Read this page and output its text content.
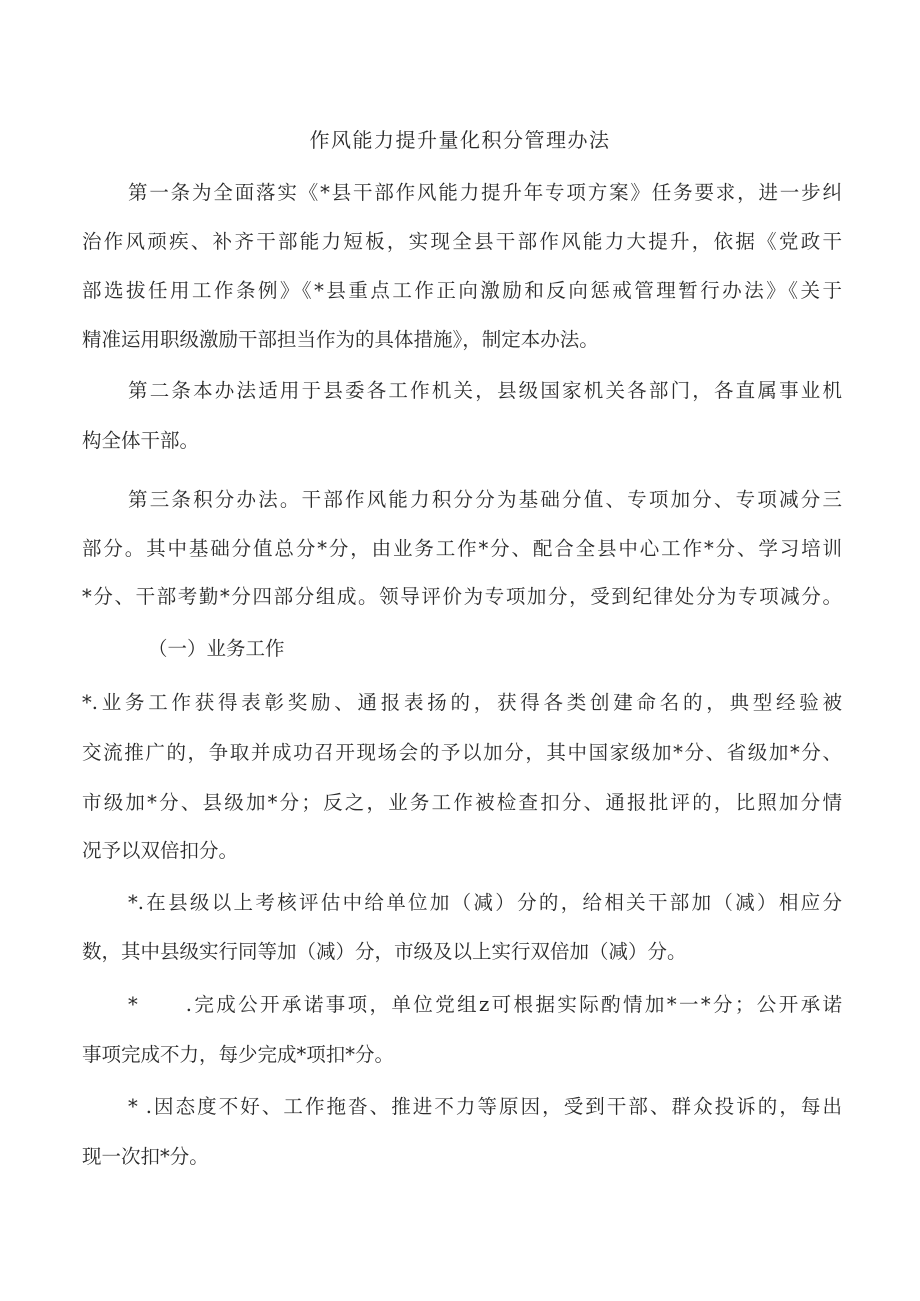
作风能力提升量化积分管理办法

第一条为全面落实《*县干部作风能力提升年专项方案》任务要求，进一步纠

治作风顽疾、补齐干部能力短板，实现全县干部作风能力大提升，依据《党政干

部选拔任用工作条例》《*县重点工作正向激励和反向惩戒管理暂行办法》《关于

精准运用职级激励干部担当作为的具体措施》，制定本办法。

第二条本办法适用于县委各工作机关，县级国家机关各部门，各直属事业机

构全体干部。

第三条积分办法。干部作风能力积分分为基础分值、专项加分、专项减分三

部分。其中基础分值总分*分，由业务工作*分、配合全县中心工作*分、学习培训

*分、干部考勤*分四部分组成。领导评价为专项加分，受到纪律处分为专项减分。

（一）业务工作

*.业务工作获得表彰奖励、通报表扬的，获得各类创建命名的，典型经验被

交流推广的，争取并成功召开现场会的予以加分，其中国家级加*分、省级加*分、

市级加*分、县级加*分；反之，业务工作被检查扣分、通报批评的，比照加分情

况予以双倍扣分。

*.在县级以上考核评估中给单位加（减）分的，给相关干部加（减）相应分

数，其中县级实行同等加（减）分，市级及以上实行双倍加（减）分。

* .完成公开承诺事项，单位党组z可根据实际酌情加*一*分；公开承诺

事项完成不力，每少完成*项扣*分。

* .因态度不好、工作拖沓、推进不力等原因，受到干部、群众投诉的，每出

现一次扣*分。
